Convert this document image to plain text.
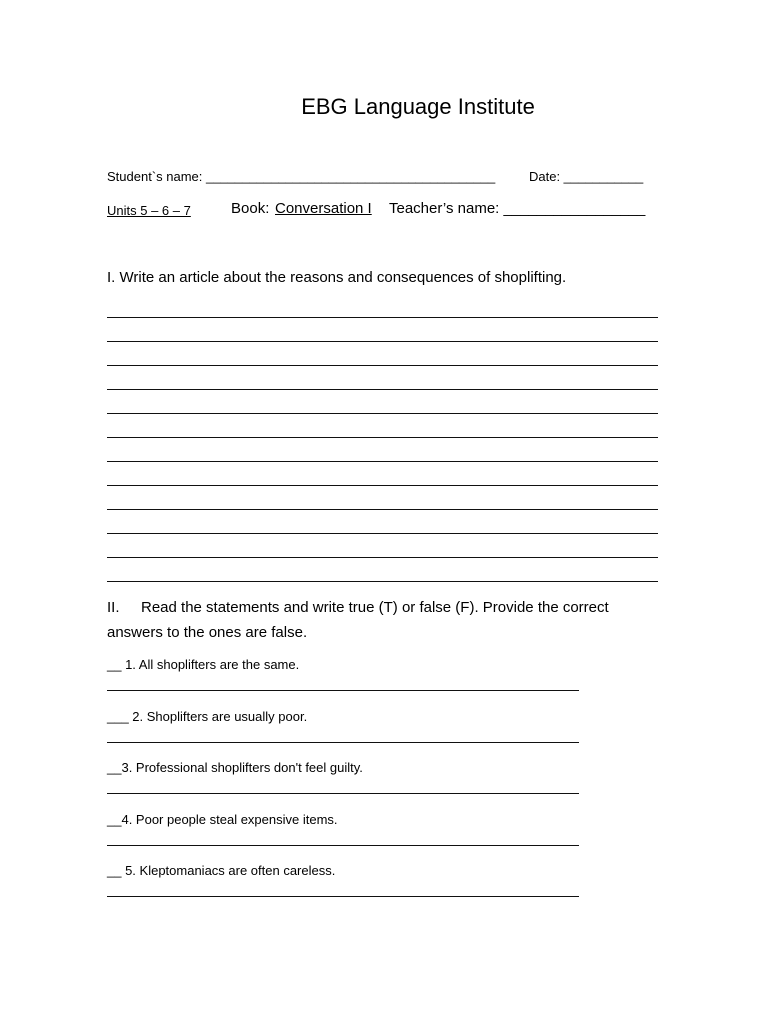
EBG Language Institute
Student`s name: ________________________________________	Date: ___________
Units 5 – 6 – 7	Book: Conversation I Teacher’s name: _________________
I. Write an article about the reasons and consequences of shoplifting.
II. Read the statements and write true (T) or false (F). Provide the correct
answers to the ones are false.
__ 1. All shoplifters are the same.
___ 2. Shoplifters are usually poor.
__3. Professional shoplifters don't feel guilty.
__4. Poor people steal expensive items.
__ 5. Kleptomaniacs are often careless.
